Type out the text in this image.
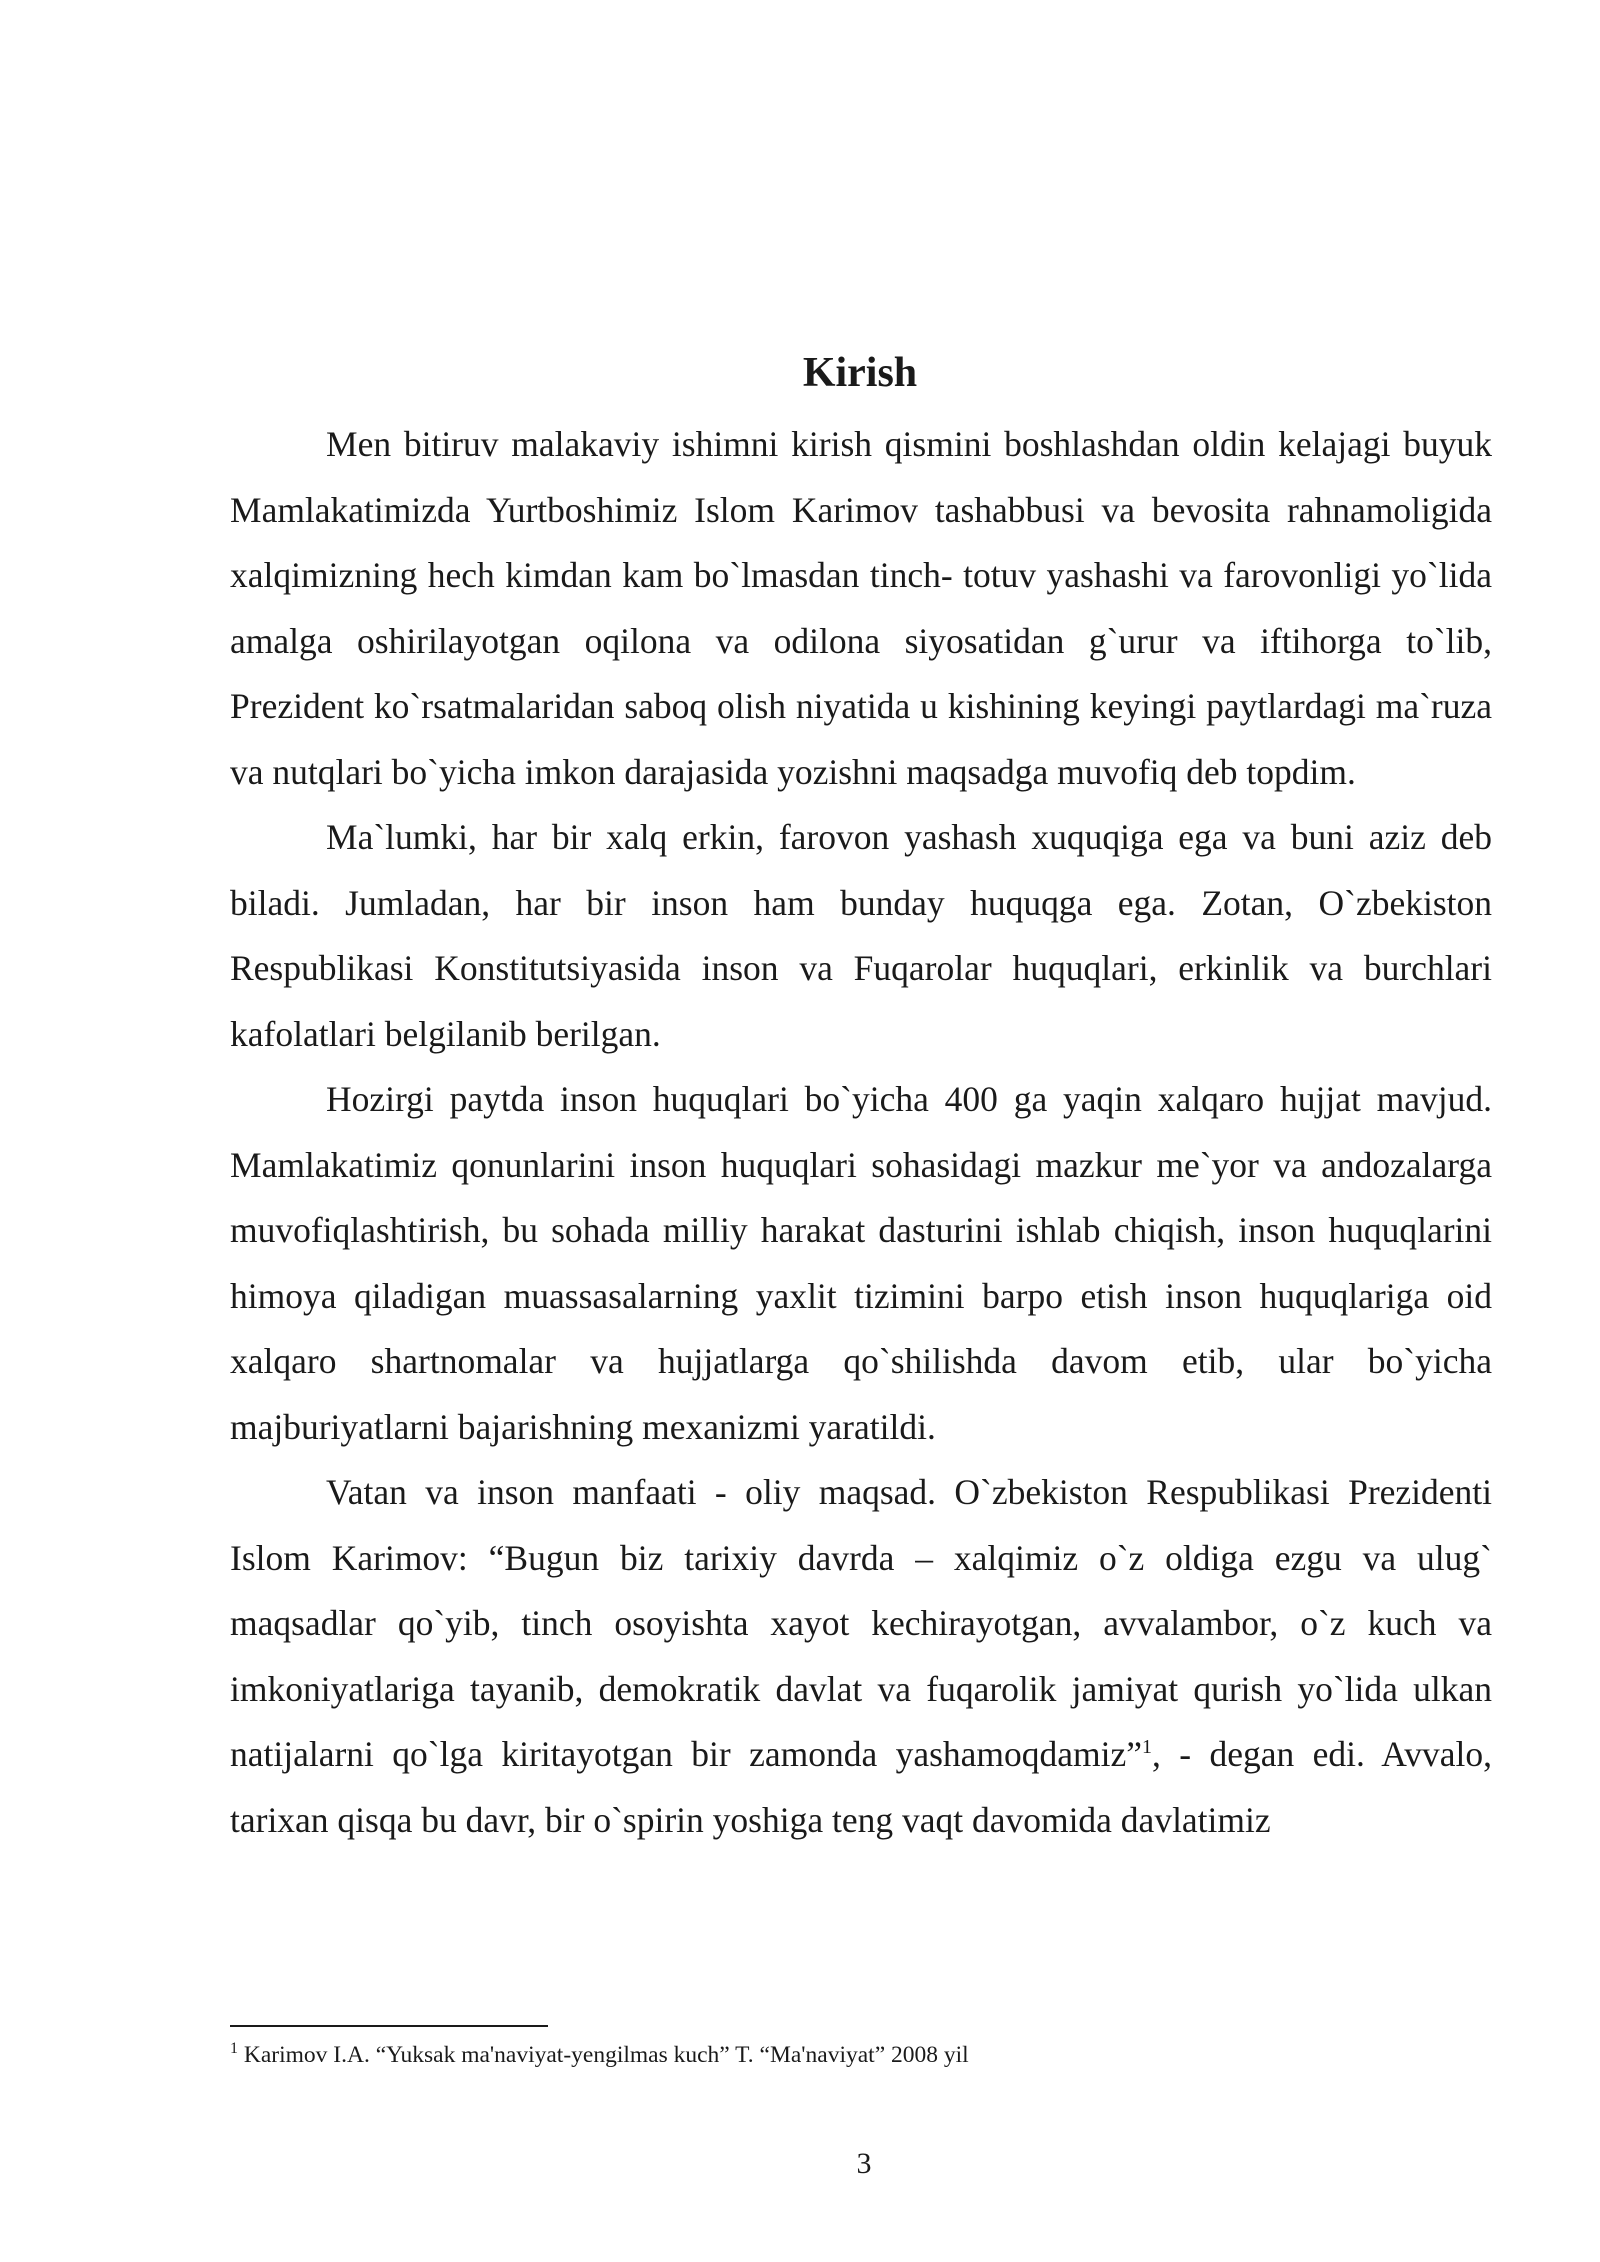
Kirish

Men bitiruv malakaviy ishimni kirish qismini boshlashdan oldin kelajagi buyuk Mamlakatimizda Yurtboshimiz Islom Karimov tashabbusi va bevosita rahnamoligida xalqimizning hech kimdan kam bo`lmasdan tinch- totuv yashashi va farovonligi yo`lida amalga oshirilayotgan oqilona va odilona siyosatidan g`urur va iftihorga to`lib, Prezident ko`rsatmalaridan saboq olish niyatida u kishining keyingi paytlardagi ma`ruza va nutqlari bo`yicha imkon darajasida yozishni maqsadga muvofiq deb topdim.

Ma`lumki, har bir xalq erkin, farovon yashash xuquqiga ega va buni aziz deb biladi. Jumladan, har bir inson ham bunday huquqga ega. Zotan, O`zbekiston Respublikasi Konstitutsiyasida inson va Fuqarolar huquqlari, erkinlik va burchlari kafolatlari belgilanib berilgan.

Hozirgi paytda inson huquqlari bo`yicha 400 ga yaqin xalqaro hujjat mavjud. Mamlakatimiz qonunlarini inson huquqlari sohasidagi mazkur me`yor va andozalarga muvofiqlashtirish, bu sohada milliy harakat dasturini ishlab chiqish, inson huquqlarini himoya qiladigan muassasalarning yaxlit tizimini barpo etish inson huquqlariga oid xalqaro shartnomalar va hujjatlarga qo`shilishda davom etib, ular bo`yicha majburiyatlarni bajarishning mexanizmi yaratildi.

Vatan va inson manfaati - oliy maqsad. O`zbekiston Respublikasi Prezidenti Islom Karimov: “Bugun biz tarixiy davrda – xalqimiz o`z oldiga ezgu va ulug` maqsadlar qo`yib, tinch osoyishta xayot kechirayotgan, avvalambor, o`z kuch va imkoniyatlariga tayanib, demokratik davlat va fuqarolik jamiyat qurish yo`lida ulkan natijalarni qo`lga kiritayotgan bir zamonda yashamoqdamiz”$^1$, - degan edi. Avvalo, tarixan qisqa bu davr, bir o`spirin yoshiga teng vaqt davomida davlatimiz

$^1$ Karimov I.A. “Yuksak ma'naviyat-yengilmas kuch” T. “Ma'naviyat” 2008 yil
3
